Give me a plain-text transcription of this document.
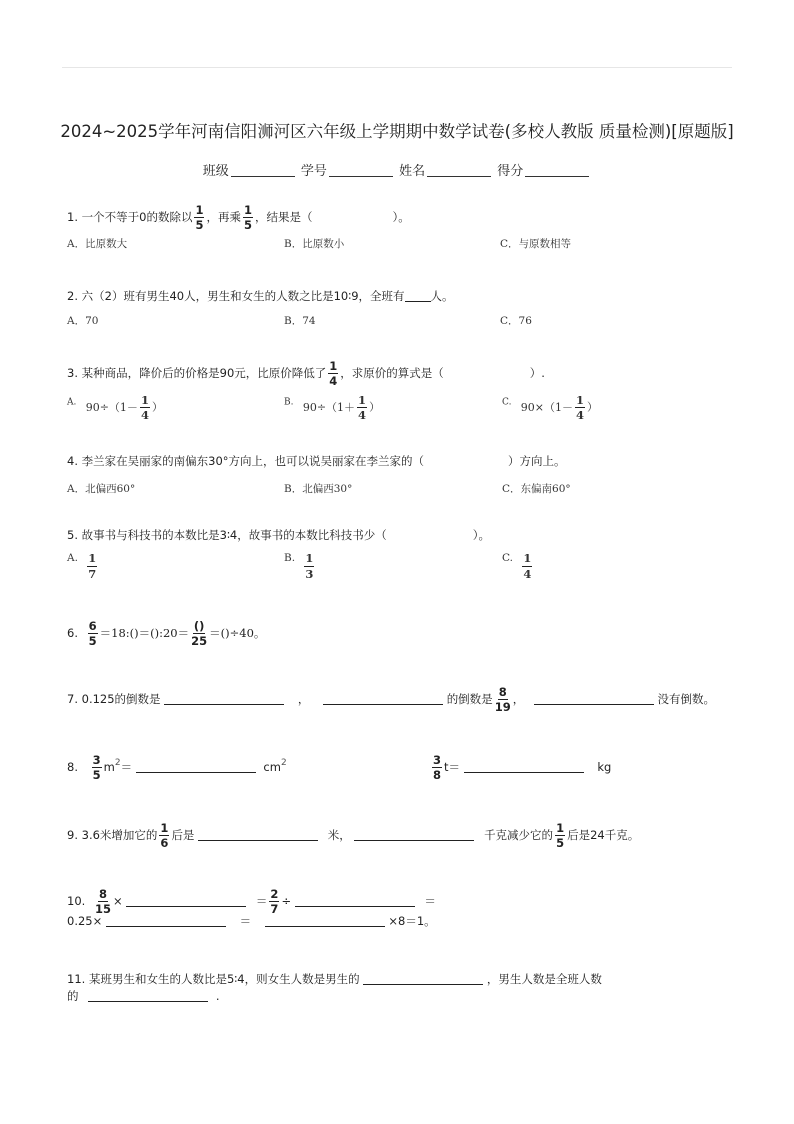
2024~2025学年河南信阳浉河区六年级上学期期中数学试卷(多校人教版 质量检测)[原题版]
班级	学号	姓名	得分
1. 一个不等于0的数除以 $\frac{1}{5}$ ，再乘 $\frac{1}{5}$ ，结果是（	）。
A．比原数大	B．比原数小	C．与原数相等
2. 六（2）班有男生40人，男生和女生的人数之比是10∶9，全班有 人。
A．70	B．74	C．76
3. 某种商品，降价后的价格是90元，比原价降低了 $\frac{1}{4}$ ，求原价的算式是（	）.
A. $90\div(1- \frac{1}{4}$ ）	B. $90\div(1+ \frac{1}{4}$ ）	C. $90\times(1- \frac{1}{4}$ ）
4. 李兰家在吴丽家的南偏东30°方向上，也可以说吴丽家在李兰家的（	）方向上。
A．北偏西60°	B．北偏西30°	C．东偏南60°
5. 故事书与科技书的本数比是3∶4，故事书的本数比科技书少（	）。
A. $\frac{1}{7}$	B. $\frac{1}{3}$	C. $\frac{1}{4}$
6. $\frac{6}{5}$ ＝18:()＝():20＝ $\frac{()}{25} =()\div 40$。
7. 0.125的倒数是	，	的倒数是 $\frac{8}{19}$ ，	没有倒数。
8. $\frac{3}{5} m^2=$	$cm^2$	$\frac{3}{8} t=$	kg
9. 3.6米增加它的 $\frac{1}{6}$ 后是	米，	千克减少它的 $\frac{1}{5}$ 后是24千克。
10. $\frac{8}{15}$ ×	＝ $\frac{2}{7}$ ÷	＝
0.25×	＝	×8＝1。
11. 某班男生和女生的人数比是5∶4，则女生人数是男生的	，男生人数是全班人数
的	.
